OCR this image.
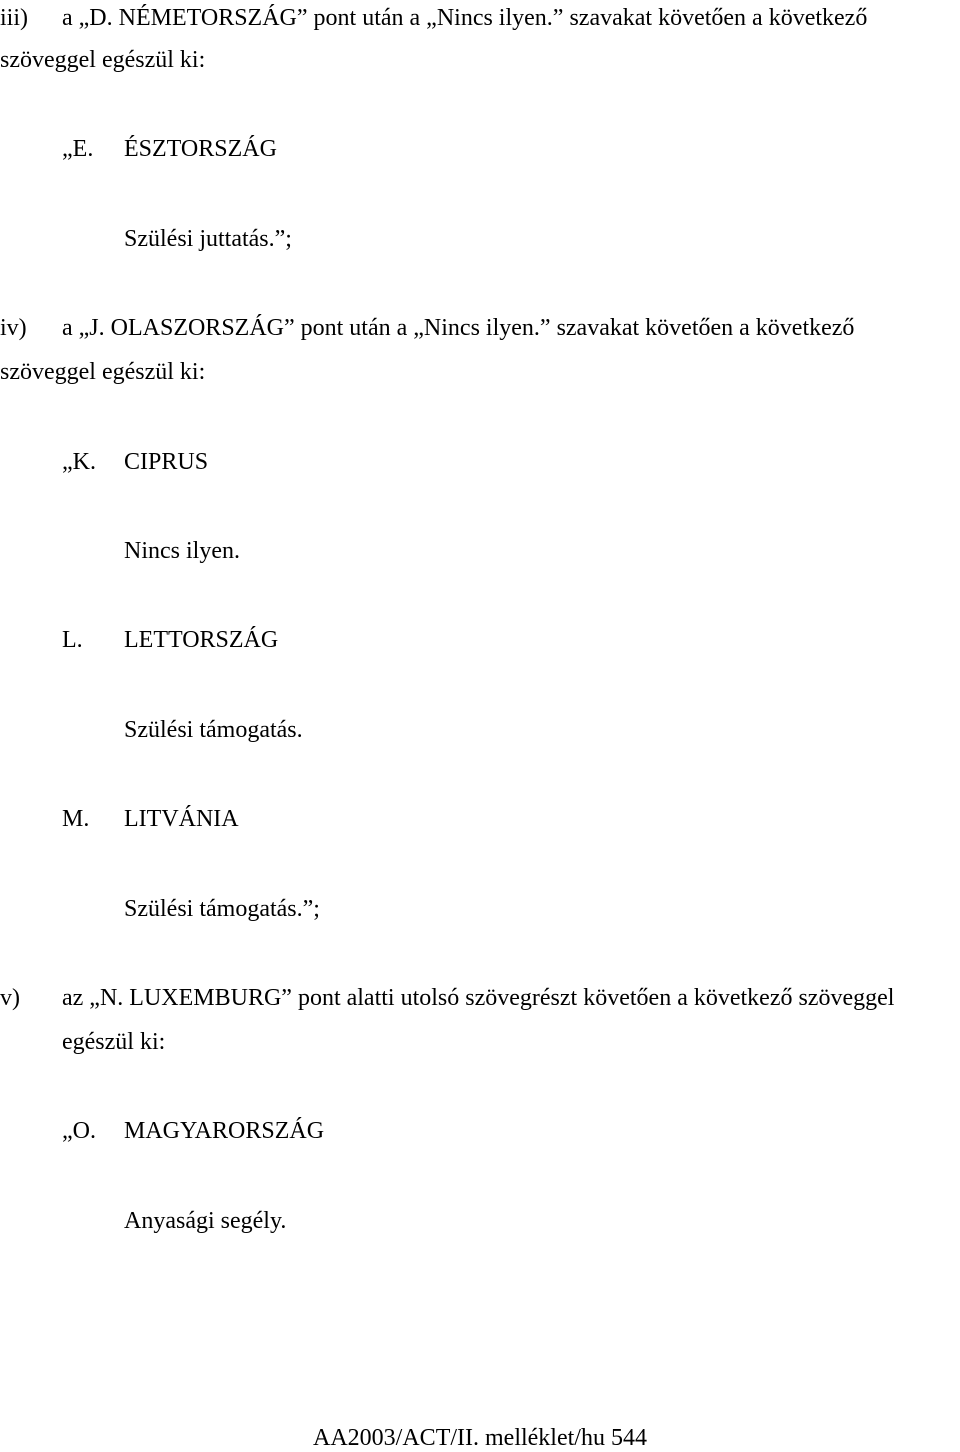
iii) a „D. NÉMETORSZÁG” pont után a „Nincs ilyen.” szavakat követően a következő
szöveggel egészül ki:
„E. ÉSZTORSZÁG
Szülési juttatás.”;
iv) a „J. OLASZORSZÁG” pont után a „Nincs ilyen.” szavakat követően a következő
szöveggel egészül ki:
„K. CIPRUS
Nincs ilyen.
L. LETTORSZÁG
Szülési támogatás.
M. LITVÁNIA
Szülési támogatás.”;
v) az „N. LUXEMBURG” pont alatti utolsó szövegrészt követően a következő szöveggel
egészül ki:
„O. MAGYARORSZÁG
Anyasági segély.
AA2003/ACT/II. melléklet/hu 544
